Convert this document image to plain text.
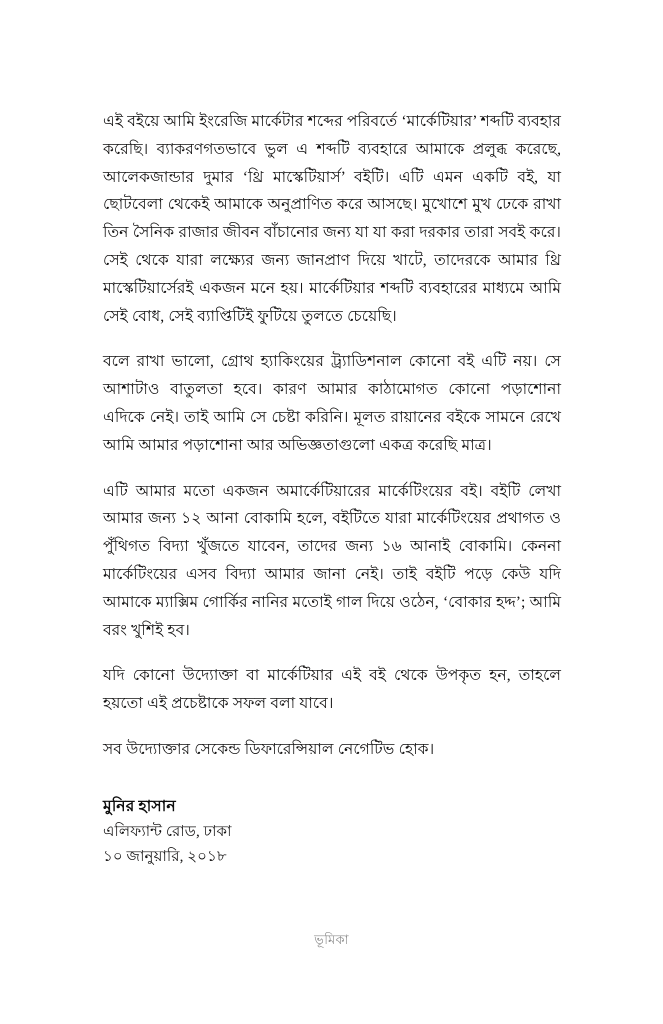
এই বইয়ে আমি ইংরেজি মার্কেটার শব্দের পরিবর্তে ‘মার্কেটিয়ার’ শব্দটি ব্যবহার করেছি। ব্যাকরণগতভাবে ভুল এ শব্দটি ব্যবহারে আমাকে প্রলুব্ধ করেছে, আলেকজান্ডার দুমার ‘থ্রি মাস্কেটিয়ার্স’ বইটি। এটি এমন একটি বই, যা ছোটবেলা থেকেই আমাকে অনুপ্রাণিত করে আসছে। মুখোশে মুখ ঢেকে রাখা তিন সৈনিক রাজার জীবন বাঁচানোর জন্য যা যা করা দরকার তারা সবই করে। সেই থেকে যারা লক্ষ্যের জন্য জানপ্রাণ দিয়ে খাটে, তাদেরকে আমার থ্রি মাস্কেটিয়ার্সেরই একজন মনে হয়। মার্কেটিয়ার শব্দটি ব্যবহারের মাধ্যমে আমি সেই বোধ, সেই ব্যাপ্তিটিই ফুটিয়ে তুলতে চেয়েছি।

বলে রাখা ভালো, গ্রোথ হ্যাকিংয়ের ট্র্যাডিশনাল কোনো বই এটি নয়। সে আশাটাও বাতুলতা হবে। কারণ আমার কাঠামোগত কোনো পড়াশোনা এদিকে নেই। তাই আমি সে চেষ্টা করিনি। মূলত রায়ানের বইকে সামনে রেখে আমি আমার পড়াশোনা আর অভিজ্ঞতাগুলো একত্র করেছি মাত্র।

এটি আমার মতো একজন অমার্কেটিয়ারের মার্কেটিংয়ের বই। বইটি লেখা আমার জন্য ১২ আনা বোকামি হলে, বইটিতে যারা মার্কেটিংয়ের প্রথাগত ও পুঁথিগত বিদ্যা খুঁজতে যাবেন, তাদের জন্য ১৬ আনাই বোকামি। কেননা মার্কেটিংয়ের এসব বিদ্যা আমার জানা নেই। তাই বইটি পড়ে কেউ যদি আমাকে ম্যাক্সিম গোর্কির নানির মতোই গাল দিয়ে ওঠেন, ‘বোকার হদ্দ’; আমি বরং খুশিই হব।

যদি কোনো উদ্যোক্তা বা মার্কেটিয়ার এই বই থেকে উপকৃত হন, তাহলে হয়তো এই প্রচেষ্টাকে সফল বলা যাবে।

সব উদ্যোক্তার সেকেন্ড ডিফারেন্সিয়াল নেগেটিভ হোক।

মুনির হাসান
এলিফ্যান্ট রোড, ঢাকা
১০ জানুয়ারি, ২০১৮
ভূমিকা
